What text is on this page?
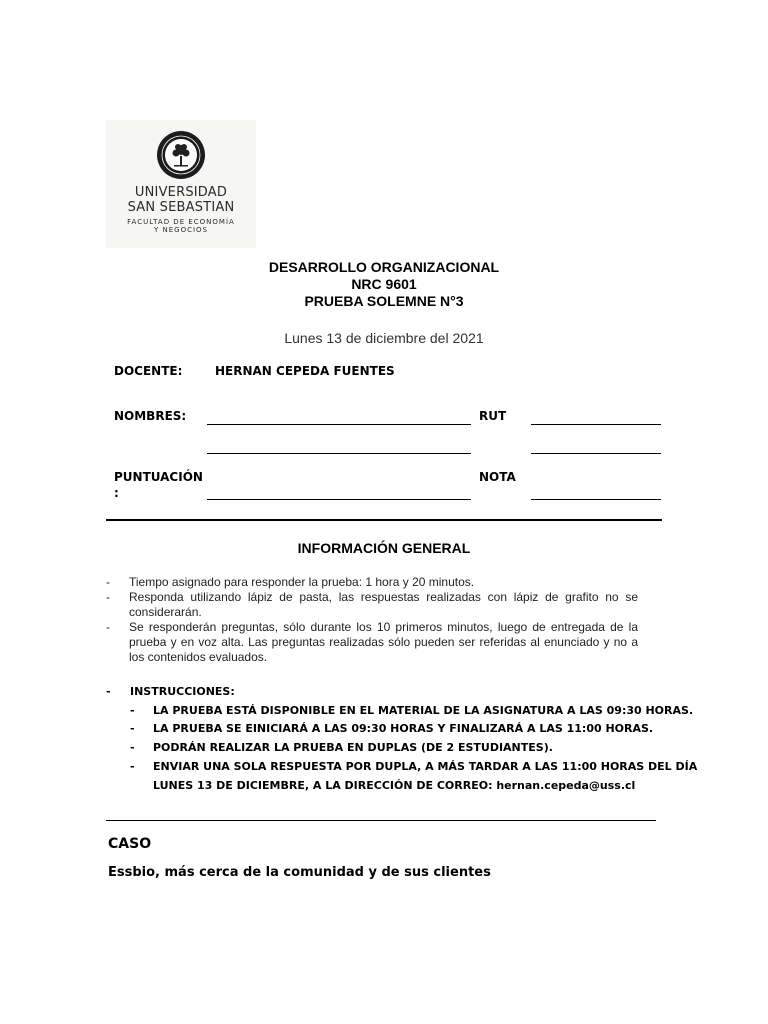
UNIVERSIDAD
SAN SEBASTIAN
FACULTAD DE ECONOMÍA
Y NEGOCIOS
DESARROLLO ORGANIZACIONAL
NRC 9601
PRUEBA SOLEMNE N°3
Lunes 13 de diciembre del 2021
DOCENTE:	HERNAN CEPEDA FUENTES
NOMBRES:	RUT
PUNTUACIÓN
:
NOTA
INFORMACIÓN GENERAL
- Tiempo asignado para responder la prueba: 1 hora y 20 minutos.
- Responda utilizando lápiz de pasta, las respuestas realizadas con lápiz de grafito no se
considerarán.
- Se responderán preguntas, sólo durante los 10 primeros minutos, luego de entregada de la
prueba y en voz alta. Las preguntas realizadas sólo pueden ser referidas al enunciado y no a
los contenidos evaluados.
- INSTRUCCIONES:
- LA PRUEBA ESTÁ DISPONIBLE EN EL MATERIAL DE LA ASIGNATURA A LAS 09:30 HORAS.
- LA PRUEBA SE EINICIARÁ A LAS 09:30 HORAS Y FINALIZARÁ A LAS 11:00 HORAS.
- PODRÁN REALIZAR LA PRUEBA EN DUPLAS (DE 2 ESTUDIANTES).
- ENVIAR UNA SOLA RESPUESTA POR DUPLA, A MÁS TARDAR A LAS 11:00 HORAS DEL DÍA
LUNES 13 DE DICIEMBRE, A LA DIRECCIÓN DE CORREO: hernan.cepeda@uss.cl
CASO
Essbio, más cerca de la comunidad y de sus clientes
